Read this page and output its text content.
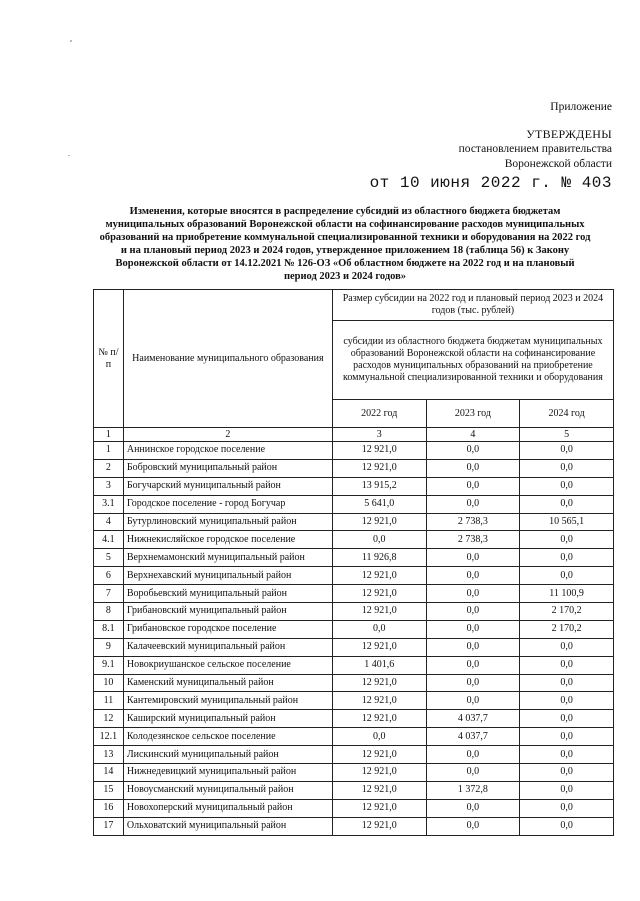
Приложение
УТВЕРЖДЕНЫ
постановлением правительства
Воронежской области
от 10 июня 2022 г. № 403
Изменения, которые вносятся в распределение субсидий из областного бюджета бюджетам
муниципальных образований Воронежской области на софинансирование расходов муниципальных
образований на приобретение коммунальной специализированной техники и оборудования на 2022 год
и на плановый период 2023 и 2024 годов, утвержденное приложением 18 (таблица 56) к Закону
Воронежской области от 14.12.2021 № 126-ОЗ «Об областном бюджете на 2022 год и на плановый
период 2023 и 2024 годов»
№ п/п	Наименование муниципального образования	Размер субсидии на 2022 год и плановый период 2023 и 2024 годов (тыс. рублей)		
		субсидии из областного бюджета бюджетам муниципальных образований Воронежской области на софинансирование расходов муниципальных образований на приобретение коммунальной специализированной техники и оборудования		
		2022 год	2023 год	2024 год
1	2	3	4	5
1	Аннинское городское поселение	12 921,0	0,0	0,0
2	Бобровский муниципальный район	12 921,0	0,0	0,0
3	Богучарский муниципальный район	13 915,2	0,0	0,0
3.1	Городское поселение - город Богучар	5 641,0	0,0	0,0
4	Бутурлиновский муниципальный район	12 921,0	2 738,3	10 565,1
4.1	Нижнекисляйское городское поселение	0,0	2 738,3	0,0
5	Верхнемамонский муниципальный район	11 926,8	0,0	0,0
6	Верхнехавский муниципальный район	12 921,0	0,0	0,0
7	Воробьевский муниципальный район	12 921,0	0,0	11 100,9
8	Грибановский муниципальный район	12 921,0	0,0	2 170,2
8.1	Грибановское городское поселение	0,0	0,0	2 170,2
9	Калачеевский муниципальный район	12 921,0	0,0	0,0
9.1	Новокриушанское сельское поселение	1 401,6	0,0	0,0
10	Каменский муниципальный район	12 921,0	0,0	0,0
11	Кантемировский муниципальный район	12 921,0	0,0	0,0
12	Каширский муниципальный район	12 921,0	4 037,7	0,0
12.1	Колодезянское сельское поселение	0,0	4 037,7	0,0
13	Лискинский муниципальный район	12 921,0	0,0	0,0
14	Нижнедевицкий муниципальный район	12 921,0	0,0	0,0
15	Новоусманский муниципальный район	12 921,0	1 372,8	0,0
16	Новохоперский муниципальный район	12 921,0	0,0	0,0
17	Ольховатский муниципальный район	12 921,0	0,0	0,0
